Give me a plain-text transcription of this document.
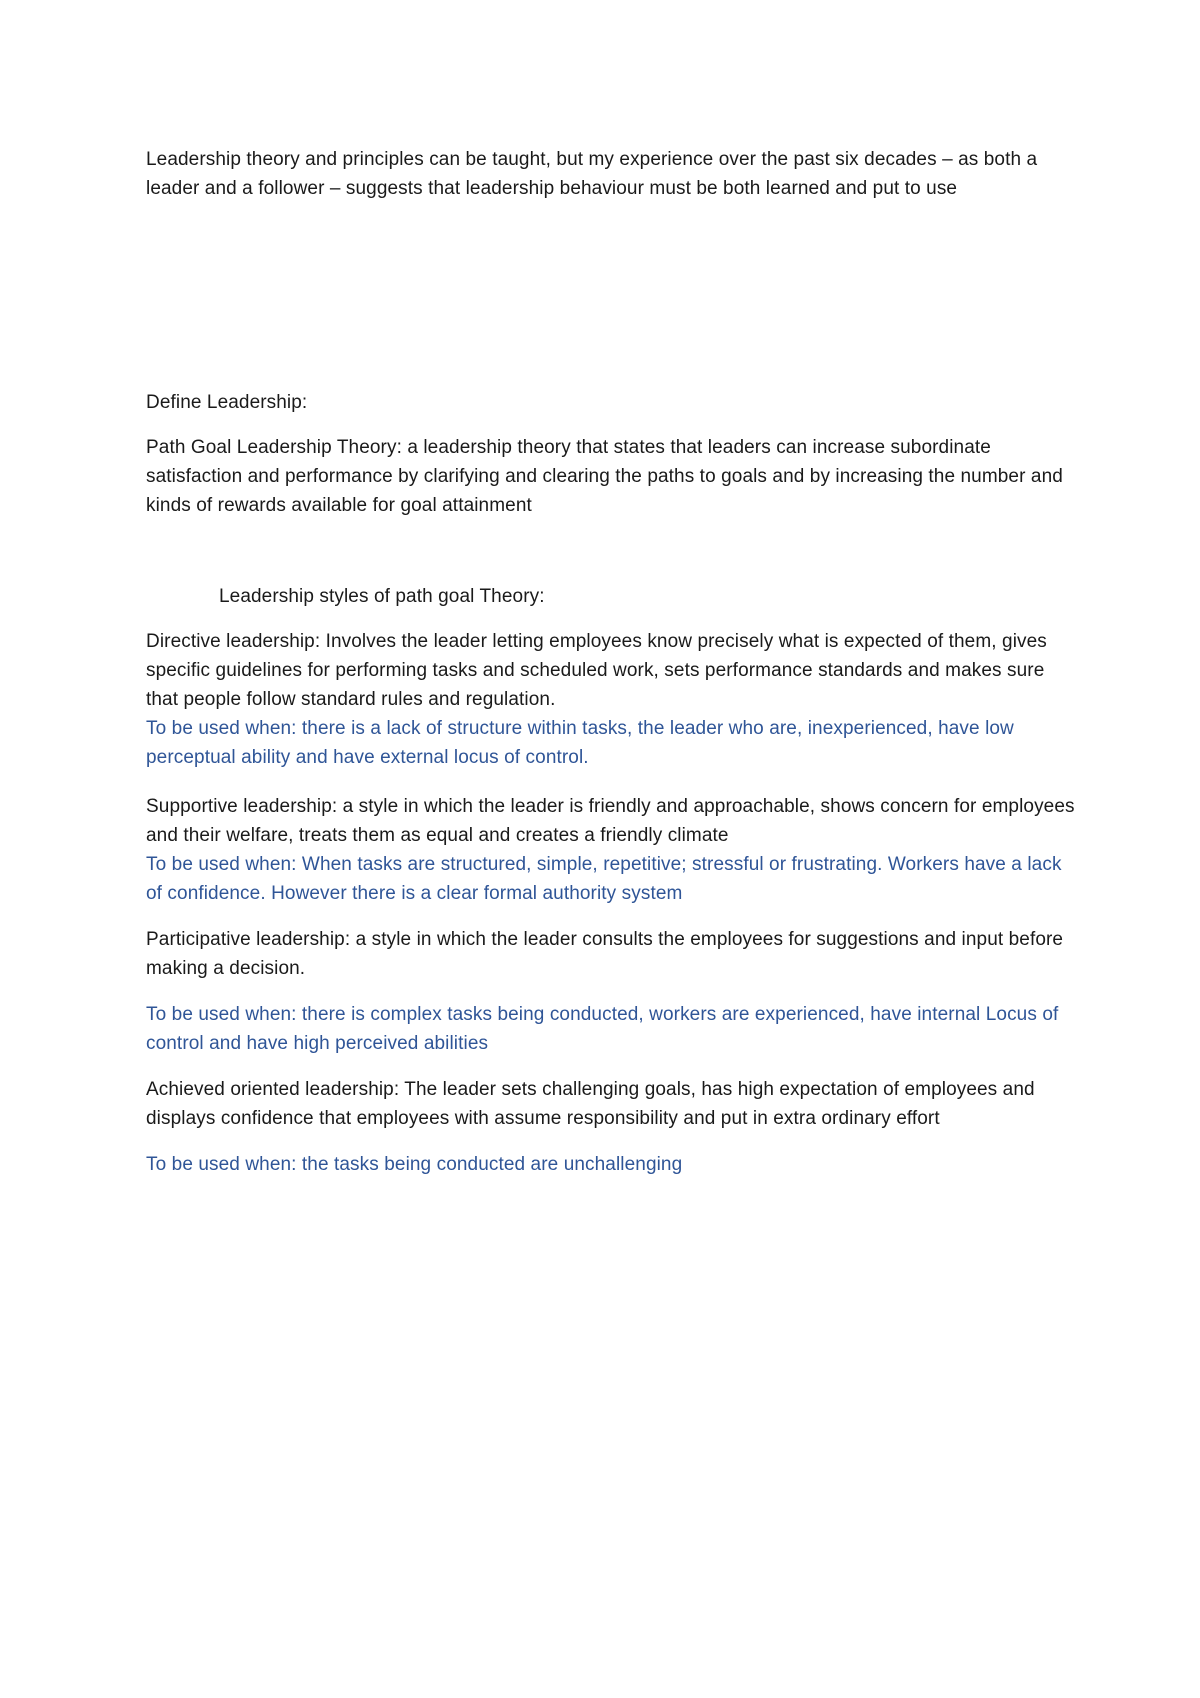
Leadership theory and principles can be taught, but my experience over the past six decades – as both a leader and a follower – suggests that leadership behaviour must be both learned and put to use

Define Leadership:

Path Goal Leadership Theory: a leadership theory that states that leaders can increase subordinate satisfaction and performance by clarifying and clearing the paths to goals and by increasing the number and kinds of rewards available for goal attainment

Leadership styles of path goal Theory:

Directive leadership: Involves the leader letting employees know precisely what is expected of them, gives specific guidelines for performing tasks and scheduled work, sets performance standards and makes sure that people follow standard rules and regulation.

To be used when: there is a lack of structure within tasks, the leader who are, inexperienced, have low perceptual ability and have external locus of control.

Supportive leadership: a style in which the leader is friendly and approachable, shows concern for employees and their welfare, treats them as equal and creates a friendly climate

To be used when: When tasks are structured, simple, repetitive; stressful or frustrating. Workers have a lack of confidence. However there is a clear formal authority system

Participative leadership: a style in which the leader consults the employees for suggestions and input before making a decision.

To be used when: there is complex tasks being conducted, workers are experienced, have internal Locus of control and have high perceived abilities

Achieved oriented leadership: The leader sets challenging goals, has high expectation of employees and displays confidence that employees with assume responsibility and put in extra ordinary effort

To be used when: the tasks being conducted are unchallenging
